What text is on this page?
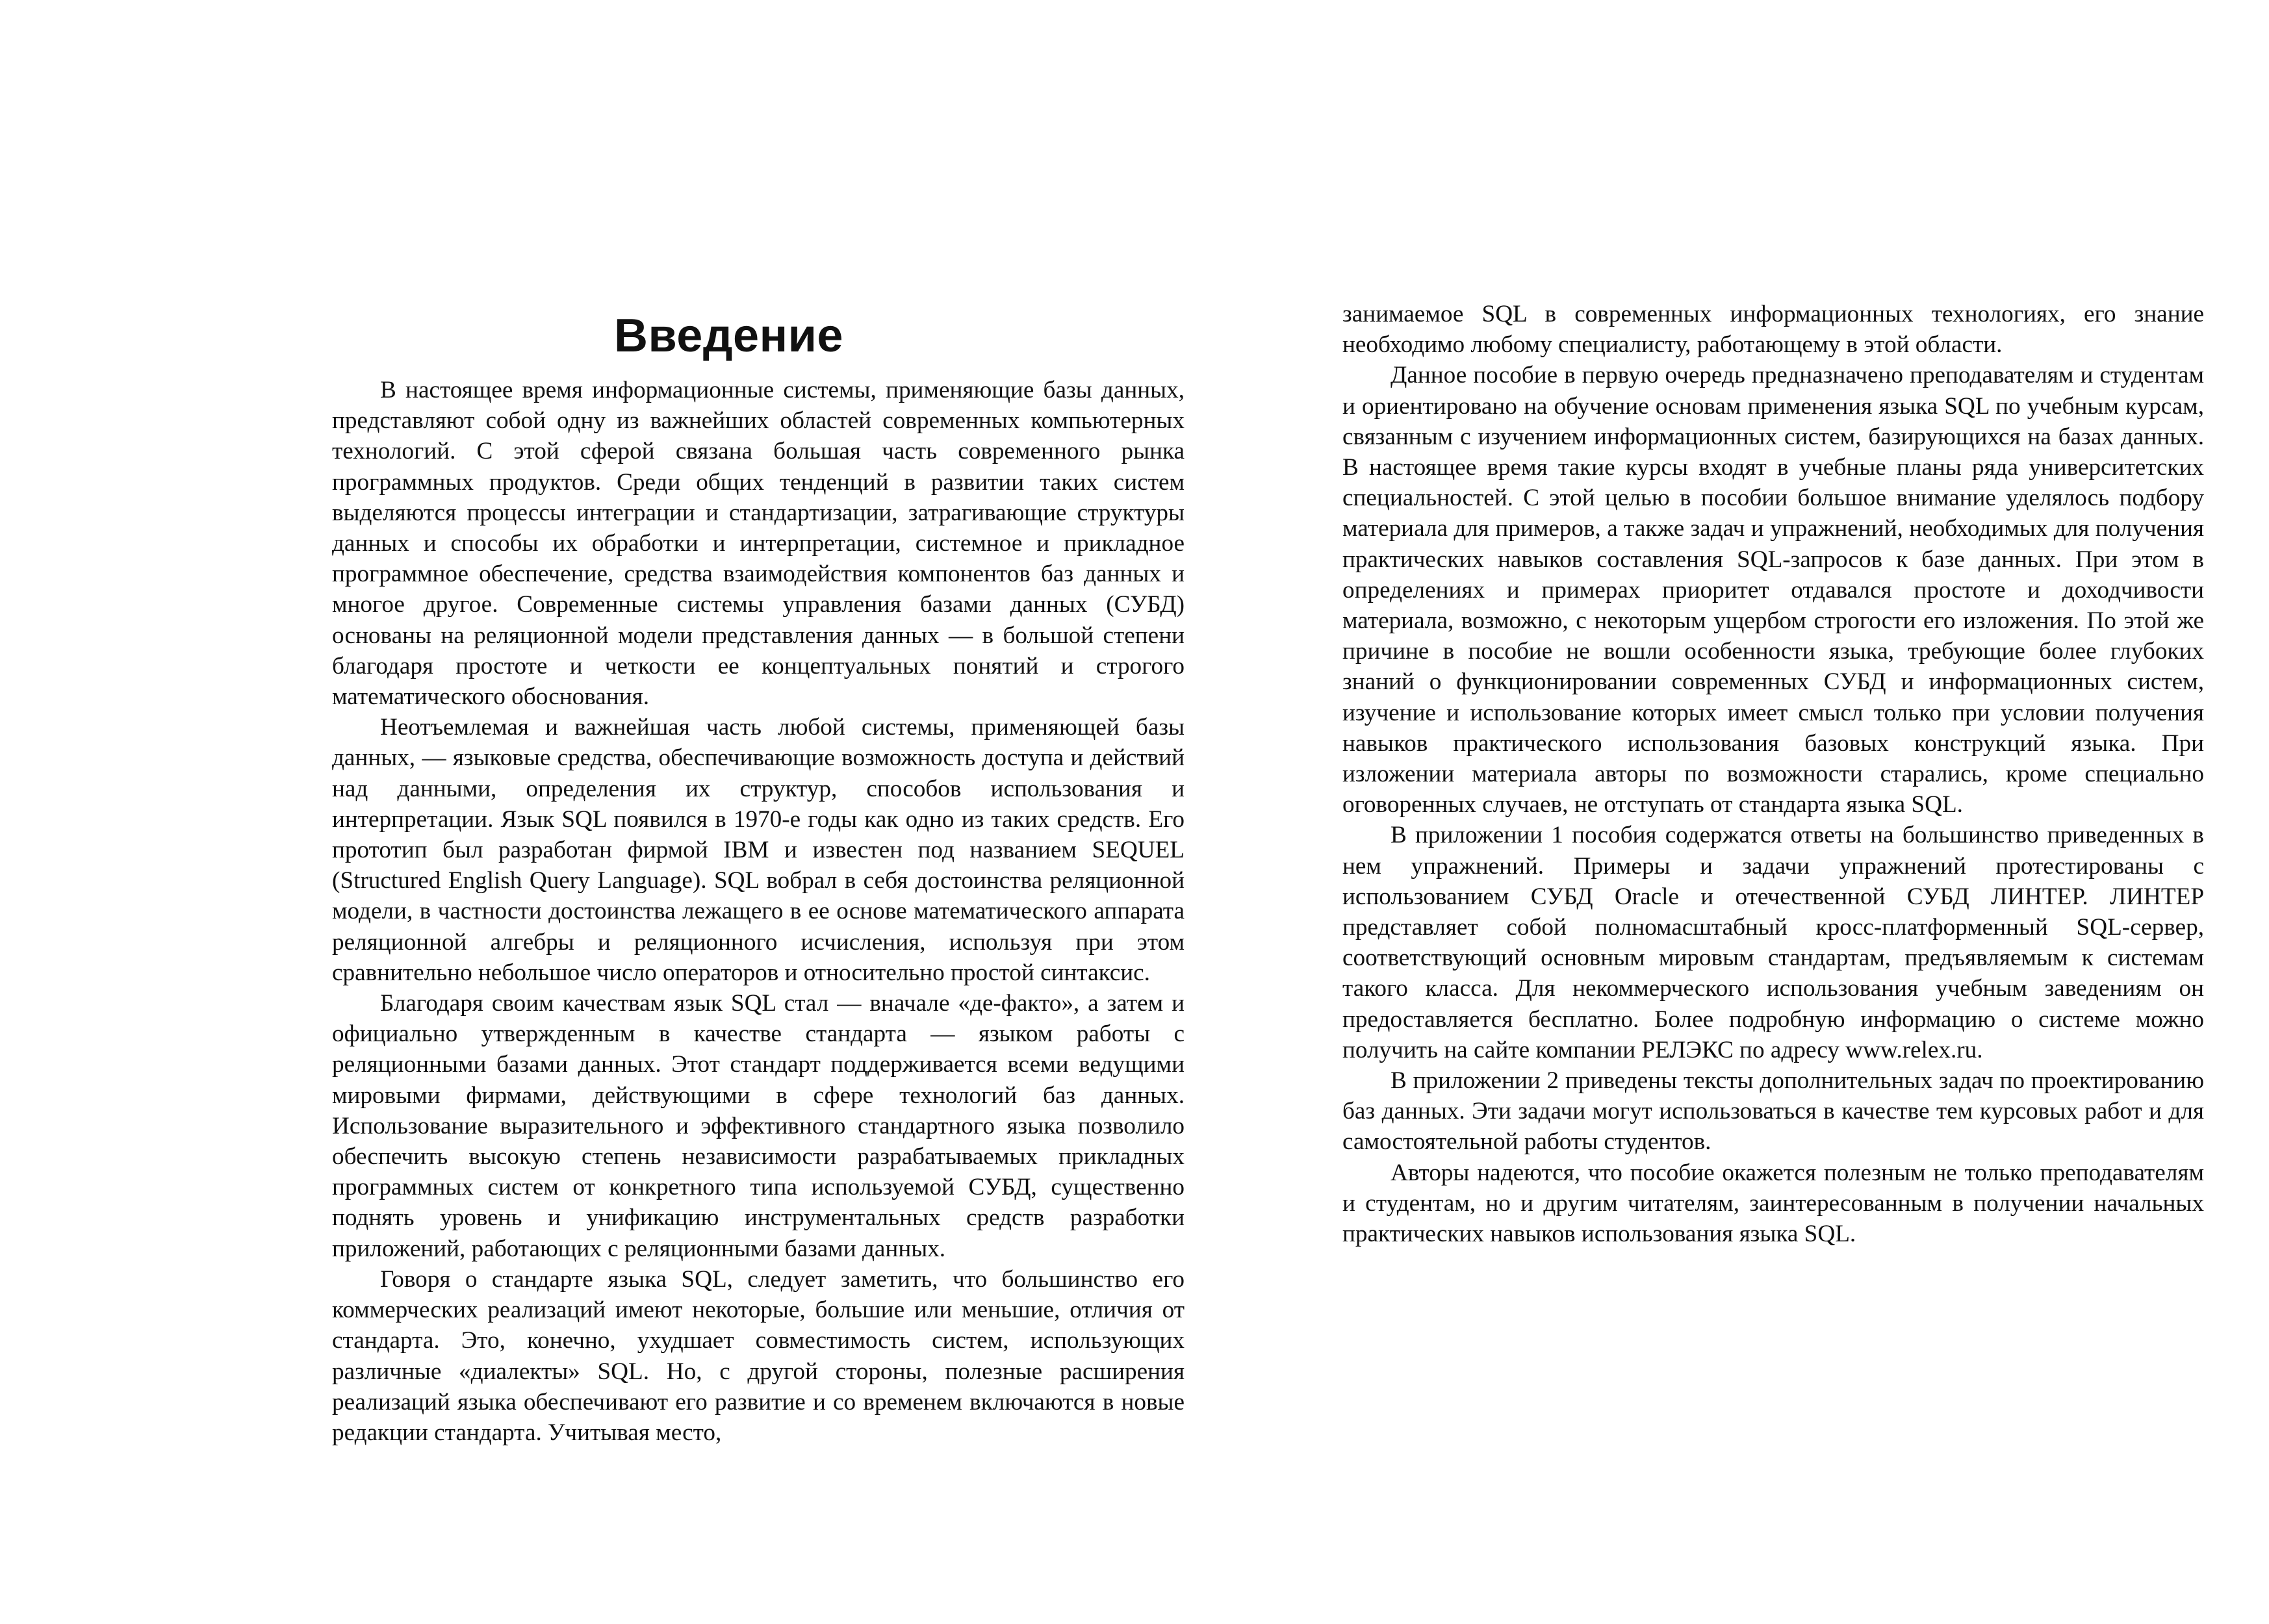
Введение

В настоящее время информационные системы, применяющие базы данных, представляют собой одну из важнейших областей современных компьютерных технологий. С этой сферой связана большая часть современного рынка программных продуктов. Среди общих тенденций в развитии таких систем выделяются процессы интеграции и стандартизации, затрагивающие структуры данных и способы их обработки и интерпретации, системное и прикладное программное обеспечение, средства взаимодействия компонентов баз данных и многое другое. Современные системы управления базами данных (СУБД) основаны на реляционной модели представления данных — в большой степени благодаря простоте и четкости ее концептуальных понятий и строгого математического обоснования.

Неотъемлемая и важнейшая часть любой системы, применяющей базы данных, — языковые средства, обеспечивающие возможность доступа и действий над данными, определения их структур, способов использования и интерпретации. Язык SQL появился в 1970-е годы как одно из таких средств. Его прототип был разработан фирмой IBM и известен под названием SEQUEL (Structured English Query Language). SQL вобрал в себя достоинства реляционной модели, в частности достоинства лежащего в ее основе математического аппарата реляционной алгебры и реляционного исчисления, используя при этом сравнительно небольшое число операторов и относительно простой синтаксис.

Благодаря своим качествам язык SQL стал — вначале «де-факто», а затем и официально утвержденным в качестве стандарта — языком работы с реляционными базами данных. Этот стандарт поддерживается всеми ведущими мировыми фирмами, действующими в сфере технологий баз данных. Использование выразительного и эффективного стандартного языка позволило обеспечить высокую степень независимости разрабатываемых прикладных программных систем от конкретного типа используемой СУБД, существенно поднять уровень и унификацию инструментальных средств разработки приложений, работающих с реляционными базами данных.

Говоря о стандарте языка SQL, следует заметить, что большинство его коммерческих реализаций имеют некоторые, большие или меньшие, отличия от стандарта. Это, конечно, ухудшает совместимость систем, использующих различные «диалекты» SQL. Но, с другой стороны, полезные расширения реализаций языка обеспечивают его развитие и со временем включаются в новые редакции стандарта. Учитывая место,

занимаемое SQL в современных информационных технологиях, его знание необходимо любому специалисту, работающему в этой области.

Данное пособие в первую очередь предназначено преподавателям и студентам и ориентировано на обучение основам применения языка SQL по учебным курсам, связанным с изучением информационных систем, базирующихся на базах данных. В настоящее время такие курсы входят в учебные планы ряда университетских специальностей. С этой целью в пособии большое внимание уделялось подбору материала для примеров, а также задач и упражнений, необходимых для получения практических навыков составления SQL-запросов к базе данных. При этом в определениях и примерах приоритет отдавался простоте и доходчивости материала, возможно, с некоторым ущербом строгости его изложения. По этой же причине в пособие не вошли особенности языка, требующие более глубоких знаний о функционировании современных СУБД и информационных систем, изучение и использование которых имеет смысл только при условии получения навыков практического использования базовых конструкций языка. При изложении материала авторы по возможности старались, кроме специально оговоренных случаев, не отступать от стандарта языка SQL.

В приложении 1 пособия содержатся ответы на большинство приведенных в нем упражнений. Примеры и задачи упражнений протестированы с использованием СУБД Oracle и отечественной СУБД ЛИНТЕР. ЛИНТЕР представляет собой полномасштабный кросс-платформенный SQL-сервер, соответствующий основным мировым стандартам, предъявляемым к системам такого класса. Для некоммерческого использования учебным заведениям он предоставляется бесплатно. Более подробную информацию о системе можно получить на сайте компании РЕЛЭКС по адресу www.relex.ru.

В приложении 2 приведены тексты дополнительных задач по проектированию баз данных. Эти задачи могут использоваться в качестве тем курсовых работ и для самостоятельной работы студентов.

Авторы надеются, что пособие окажется полезным не только преподавателям и студентам, но и другим читателям, заинтересованным в получении начальных практических навыков использования языка SQL.
